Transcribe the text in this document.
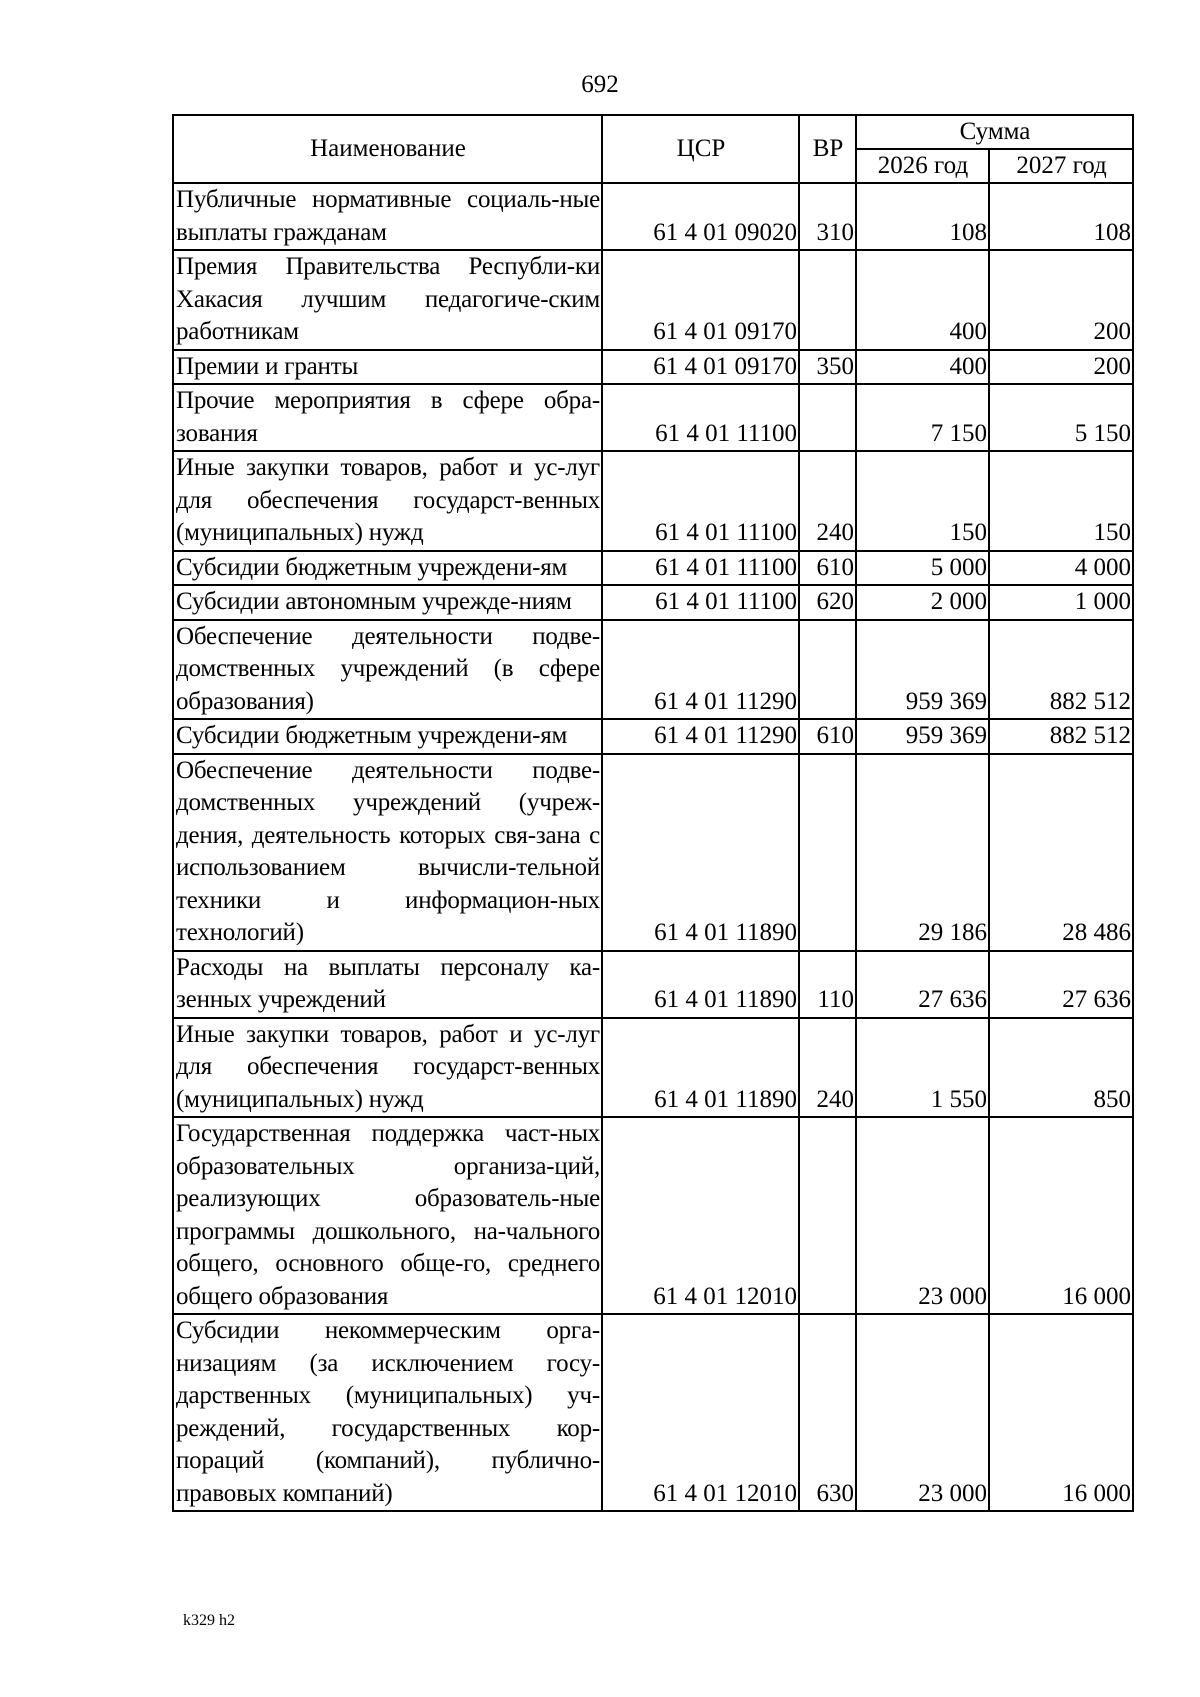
692
Наименование	ЦСР	ВР	Сумма	
			2026 год	2027 год
Публичные нормативные социаль-ные выплаты гражданам	61 4 01 09020	310	108	108
Премия Правительства Республи-ки Хакасия лучшим педагогиче-ским работникам	61 4 01 09170		400	200
Премии и гранты	61 4 01 09170	350	400	200
Прочие мероприятия в сфере обра-зования	61 4 01 11100		7 150	5 150
Иные закупки товаров, работ и ус-луг для обеспечения государст-венных (муниципальных) нужд	61 4 01 11100	240	150	150
Субсидии бюджетным учреждени-ям	61 4 01 11100	610	5 000	4 000
Субсидии автономным учрежде-ниям	61 4 01 11100	620	2 000	1 000
Обеспечение деятельности подве-домственных учреждений (в сфере образования)	61 4 01 11290		959 369	882 512
Субсидии бюджетным учреждени-ям	61 4 01 11290	610	959 369	882 512
Обеспечение деятельности подве-домственных учреждений (учреж-дения, деятельность которых свя-зана с использованием вычисли-тельной техники и информацион-ных технологий)	61 4 01 11890		29 186	28 486
Расходы на выплаты персоналу ка-зенных учреждений	61 4 01 11890	110	27 636	27 636
Иные закупки товаров, работ и ус-луг для обеспечения государст-венных (муниципальных) нужд	61 4 01 11890	240	1 550	850
Государственная поддержка част-ных образовательных организа-ций, реализующих образователь-ные программы дошкольного, на-чального общего, основного обще-го, среднего общего образования	61 4 01 12010		23 000	16 000
Субсидии некоммерческим орга-низациям (за исключением госу-дарственных (муниципальных) уч-реждений, государственных кор-пораций (компаний), публично-правовых компаний)	61 4 01 12010	630	23 000	16 000
k329 h2
